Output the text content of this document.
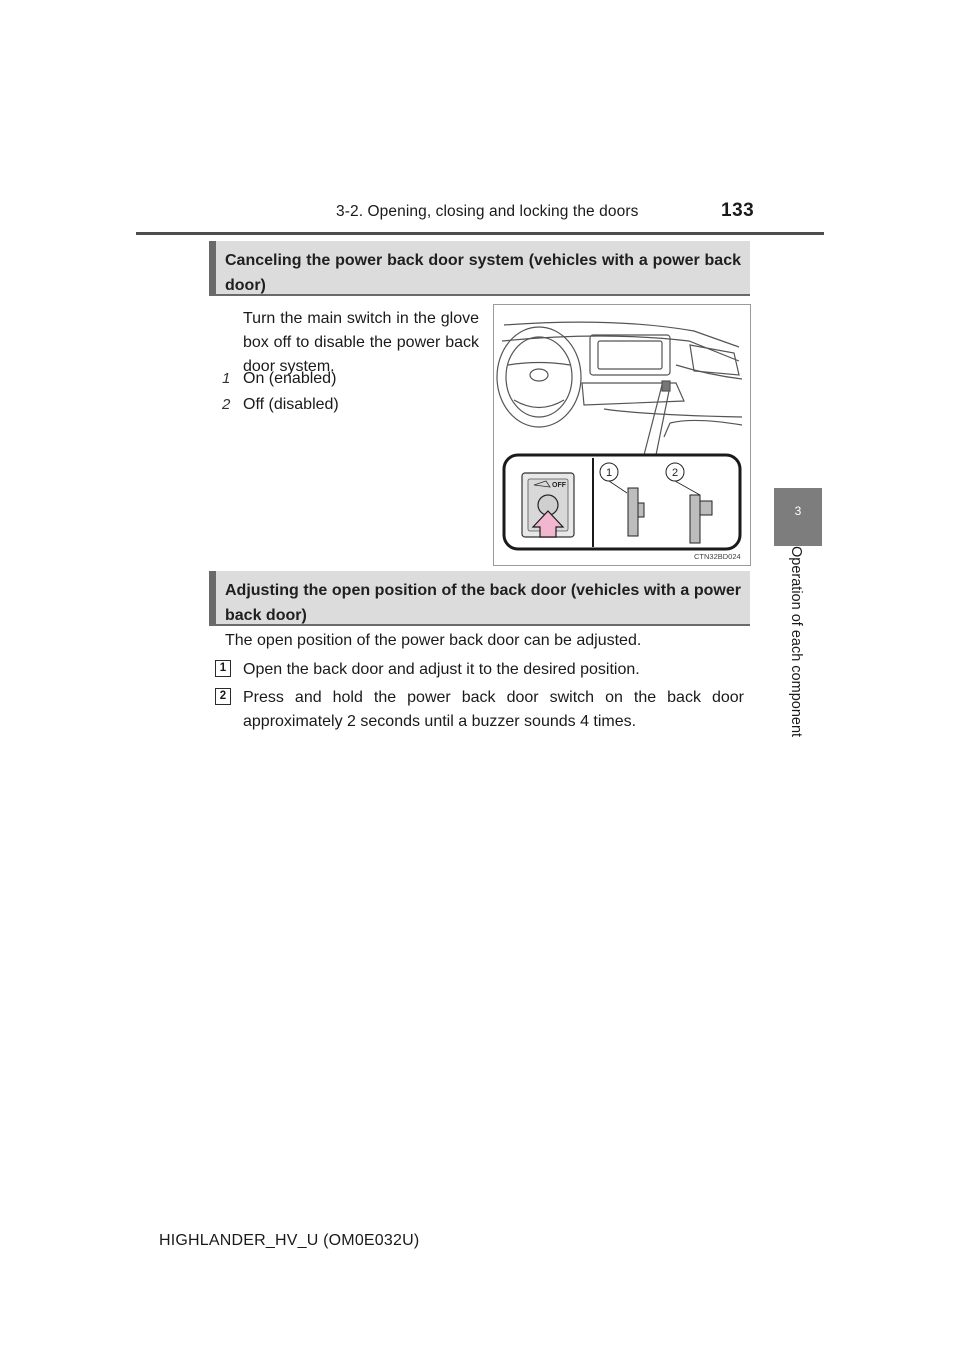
3-2. Opening, closing and locking the doors	133
3
Operation of each component
Canceling the power back door system (vehicles with a power back door)
Turn the main switch in the glove box off to disable the power back door system.
1 On (enabled)
2 Off (disabled)
OFF
1	2
CTN32BD024
Adjusting the open position of the back door (vehicles with a power back door)
The open position of the power back door can be adjusted.
1 Open the back door and adjust it to the desired position.
2 Press and hold the power back door switch on the back door approximately 2 seconds until a buzzer sounds 4 times.
HIGHLANDER_HV_U (OM0E032U)
